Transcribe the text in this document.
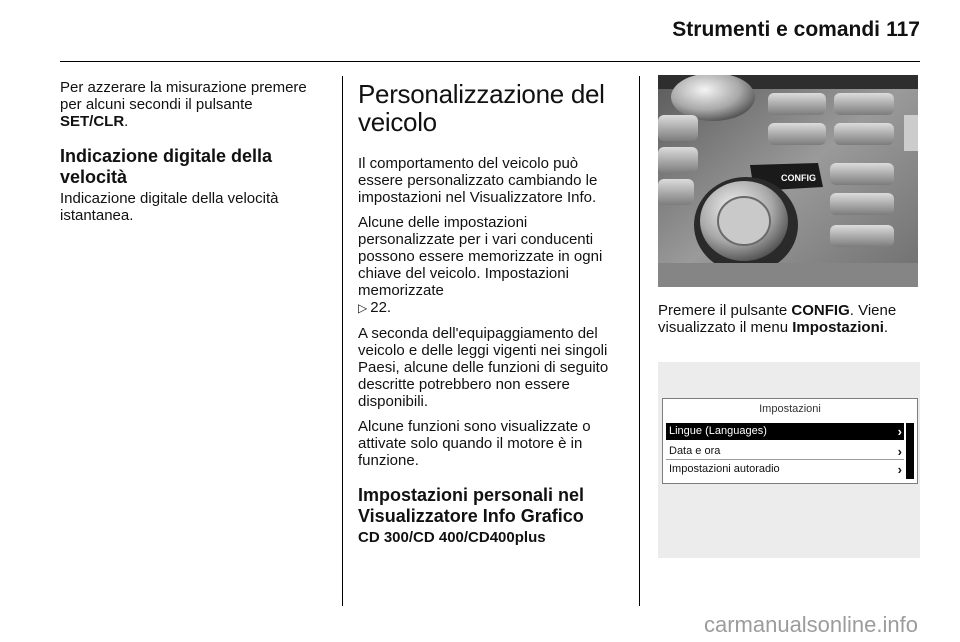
Strumenti e comandi 117

Per azzerare la misurazione premere per alcuni secondi il pulsante
SET/CLR.

Indicazione digitale della velocità

Indicazione digitale della velocità istantanea.

Personalizzazione del veicolo

Il comportamento del veicolo può essere personalizzato cambiando le impostazioni nel Visualizzatore Info.

Alcune delle impostazioni personalizzate per i vari conducenti possono essere memorizzate in ogni chiave del veicolo. Impostazioni memorizzate
▷ 22.

A seconda dell'equipaggiamento del veicolo e delle leggi vigenti nei singoli Paesi, alcune delle funzioni di seguito descritte potrebbero non essere disponibili.

Alcune funzioni sono visualizzate o attivate solo quando il motore è in funzione.

Impostazioni personali nel Visualizzatore Info Grafico
CD 300/CD 400/CD400plus
CONFIG

Premere il pulsante CONFIG. Viene visualizzato il menu Impostazioni.

Impostazioni
Lingue (Languages)	›
Data e ora	›
Impostazioni autoradio	›
carmanualsonline.info
